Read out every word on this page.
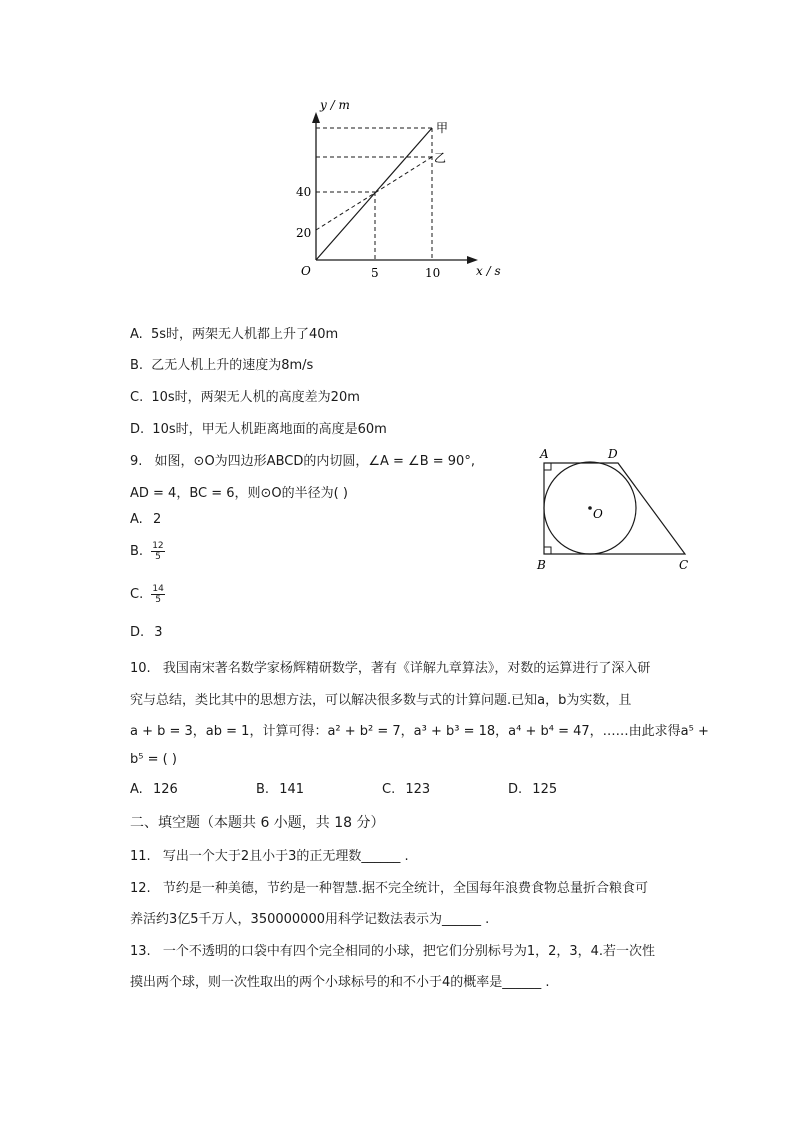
y / m
x / s
O
40
20
5	10
甲
乙
A. 5s时，两架无人机都上升了40m
B. 乙无人机上升的速度为8m/s
C. 10s时，两架无人机的高度差为20m
D. 10s时，甲无人机距离地面的高度是60m
9. 如图，⊙O为四边形ABCD的内切圆，∠A = ∠B = 90°,
AD = 4，BC = 6，则⊙O的半径为( )
A. 2
B. $\frac{12}{5}$
C. $\frac{14}{5}$
D. 3
A	D
B	C
O
10. 我国南宋著名数学家杨辉精研数学，著有《详解九章算法》，对数的运算进行了深入研
究与总结，类比其中的思想方法，可以解决很多数与式的计算问题.已知a，b为实数，且
a + b = 3，ab = 1，计算可得：a² + b² = 7，a³ + b³ = 18，a⁴ + b⁴ = 47，……由此求得a⁵ +
b⁵ = ( )
A. 126	B. 141	C. 123	D. 125
二、填空题（本题共 6 小题，共 18 分）
11. 写出一个大于2且小于3的正无理数______ .
12. 节约是一种美德，节约是一种智慧.据不完全统计，全国每年浪费食物总量折合粮食可
养活约3亿5千万人，350000000用科学记数法表示为______ .
13. 一个不透明的口袋中有四个完全相同的小球，把它们分别标号为1，2，3，4.若一次性
摸出两个球，则一次性取出的两个小球标号的和不小于4的概率是______ .
